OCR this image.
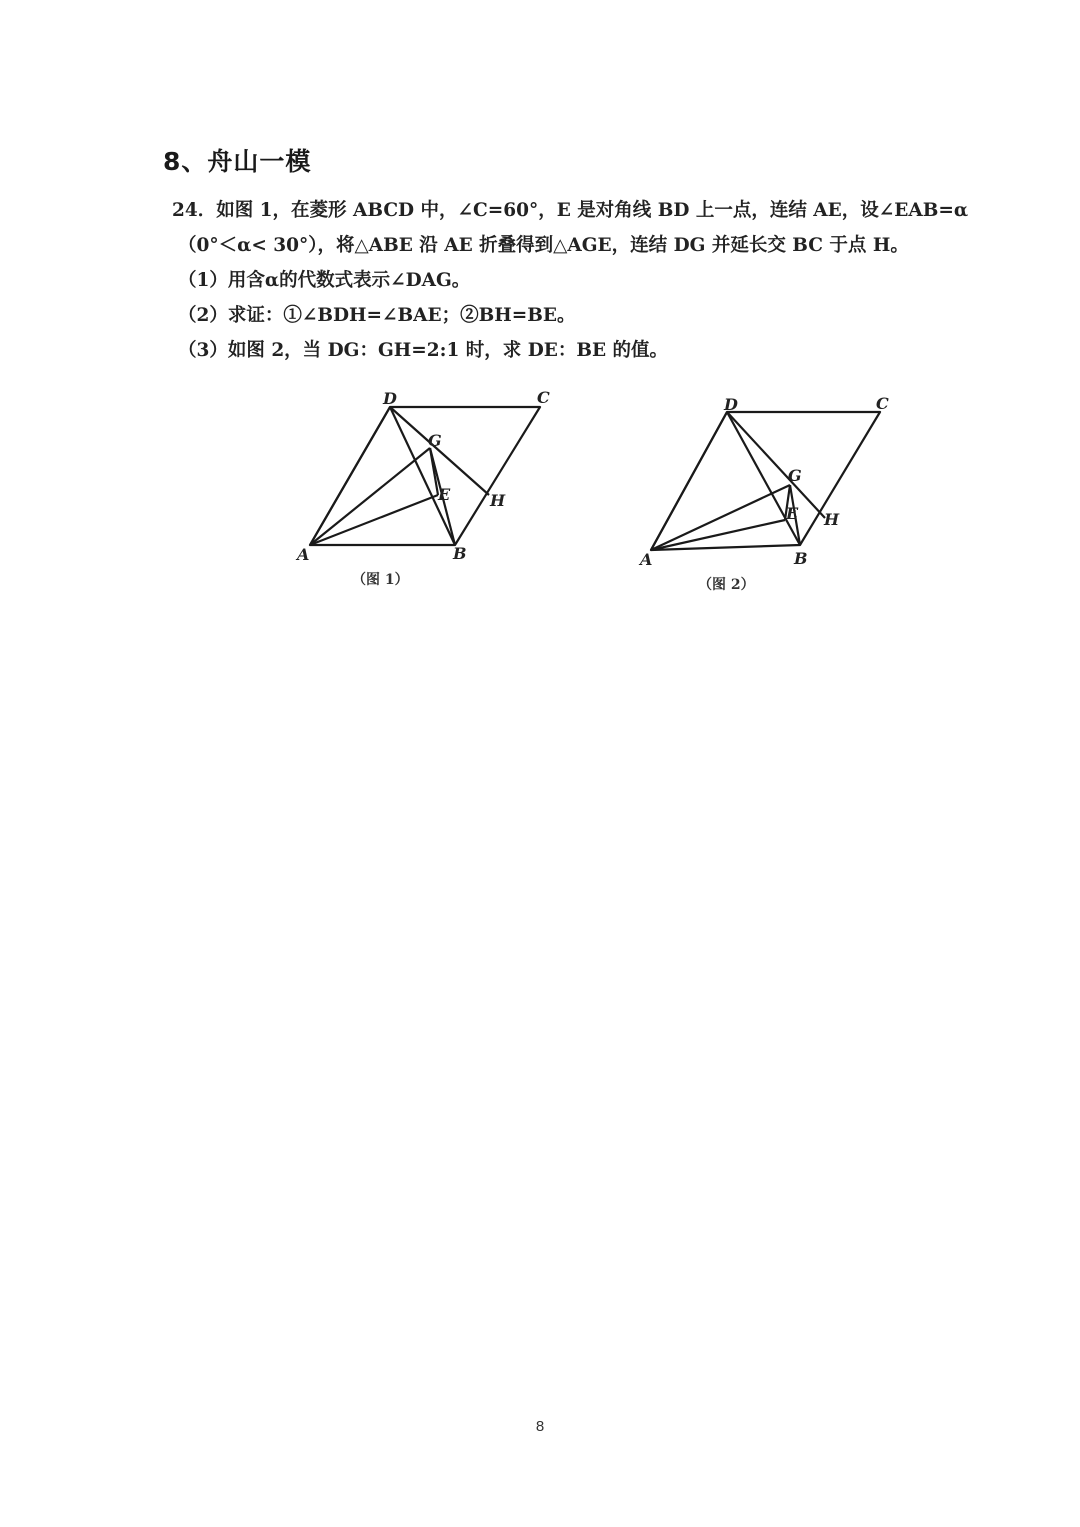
8、舟山一模
24．如图 1，在菱形 ABCD 中，∠C=60°，E 是对角线 BD 上一点，连结 AE，设∠EAB=α
（0°＜α< 30°），将△ABE 沿 AE 折叠得到△AGE，连结 DG 并延长交 BC 于点 H。
（1）用含α的代数式表示∠DAG。
（2）求证：①∠BDH=∠BAE；②BH=BE。
（3）如图 2，当 DG：GH=2:1 时，求 DE：BE 的值。
D	C
G
E H
A	B
（图 1）
D	C
G
E H
A	B
（图 2）
8
